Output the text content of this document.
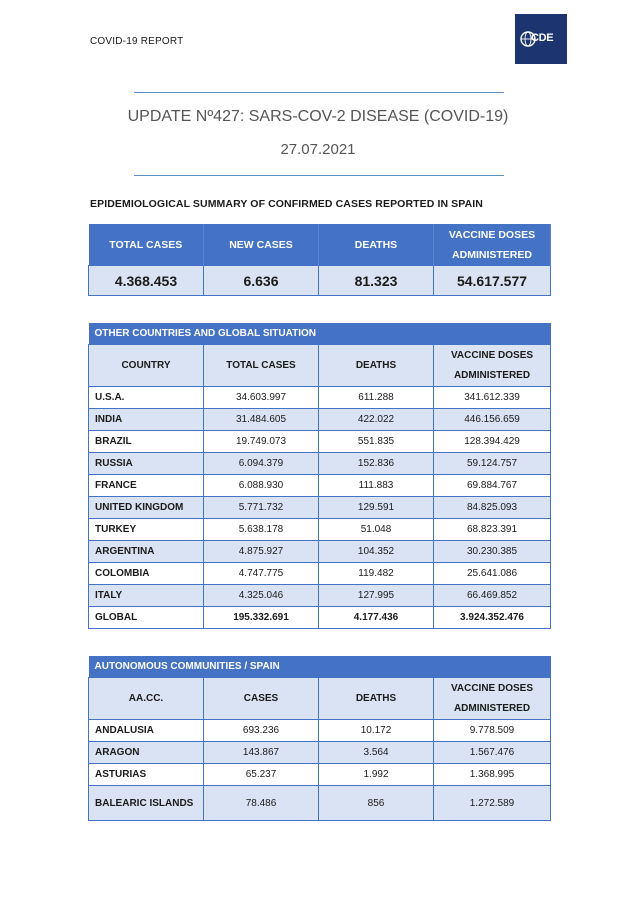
COVID-19 REPORT	CDE
UPDATE Nº427: SARS-COV-2 DISEASE (COVID-19)
27.07.2021
EPIDEMIOLOGICAL SUMMARY OF CONFIRMED CASES REPORTED IN SPAIN
TOTAL CASES	NEW CASES	DEATHS	VACCINE DOSES ADMINISTERED
4.368.453	6.636	81.323	54.617.577
OTHER COUNTRIES AND GLOBAL SITUATION			
COUNTRY	TOTAL CASES	DEATHS	VACCINE DOSES ADMINISTERED
U.S.A.	34.603.997	611.288	341.612.339
INDIA	31.484.605	422.022	446.156.659
BRAZIL	19.749.073	551.835	128.394.429
RUSSIA	6.094.379	152.836	59.124.757
FRANCE	6.088.930	111.883	69.884.767
UNITED KINGDOM	5.771.732	129.591	84.825.093
TURKEY	5.638.178	51.048	68.823.391
ARGENTINA	4.875.927	104.352	30.230.385
COLOMBIA	4.747.775	119.482	25.641.086
ITALY	4.325.046	127.995	66.469.852
GLOBAL	195.332.691	4.177.436	3.924.352.476
AUTONOMOUS COMMUNITIES / SPAIN			
AA.CC.	CASES	DEATHS	VACCINE DOSES ADMINISTERED
ANDALUSIA	693.236	10.172	9.778.509
ARAGON	143.867	3.564	1.567.476
ASTURIAS	65.237	1.992	1.368.995
BALEARIC ISLANDS	78.486	856	1.272.589
